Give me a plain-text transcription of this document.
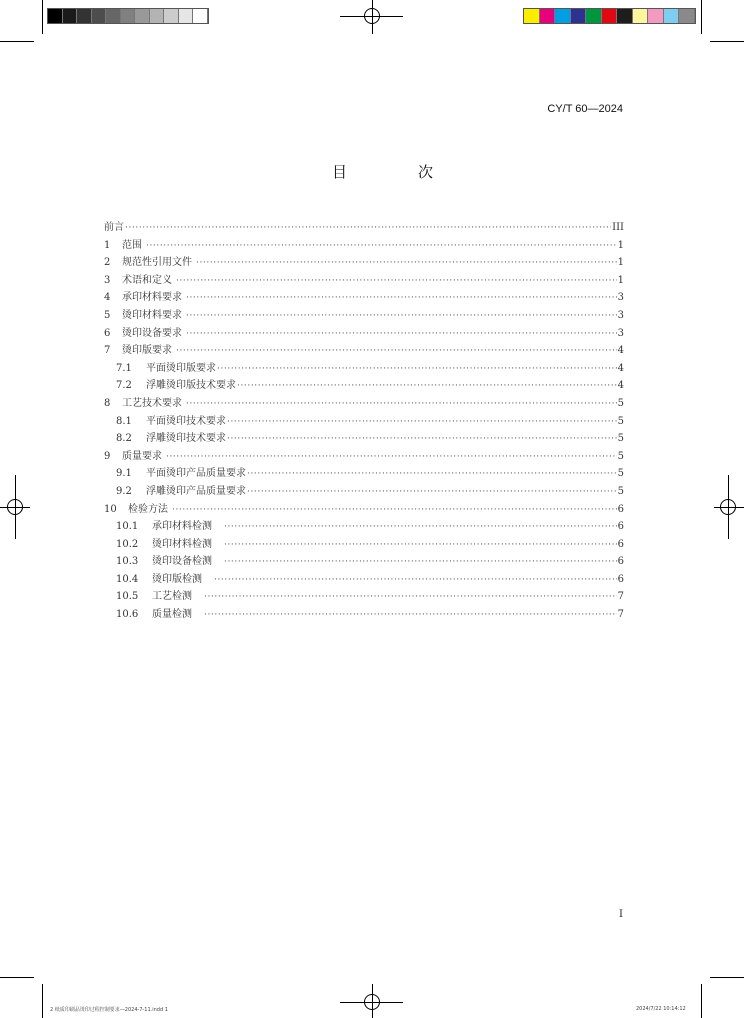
CY/T 60—2024
目　次
前言 ·····	III
1	范围 ·····	1
2	规范性引用文件 ·····	1
3	术语和定义 ·····	1
4	承印材料要求 ·····	3
5	烫印材料要求 ·····	3
6	烫印设备要求 ·····	3
7	烫印版要求 ·····	4
7.1	平面烫印版要求 ·····	4
7.2	浮雕烫印版技术要求 ·····	4
8	工艺技术要求 ·····	5
8.1	平面烫印技术要求 ·····	5
8.2	浮雕烫印技术要求 ·····	5
9	质量要求 ·····	5
9.1	平面烫印产品质量要求 ·····	5
9.2	浮雕烫印产品质量要求 ·····	5
10	检验方法 ·····	6
10.1	承印材料检测 ·····	6
10.2	烫印材料检测 ·····	6
10.3	烫印设备检测 ·····	6
10.4	烫印版检测 ·····	6
10.5	工艺检测 ·····	7
10.6	质量检测 ·····	7
I
2 纸质印刷品烫印过程控制要求—2024-7-11.indd 1	2024/7/22 10:14:12
